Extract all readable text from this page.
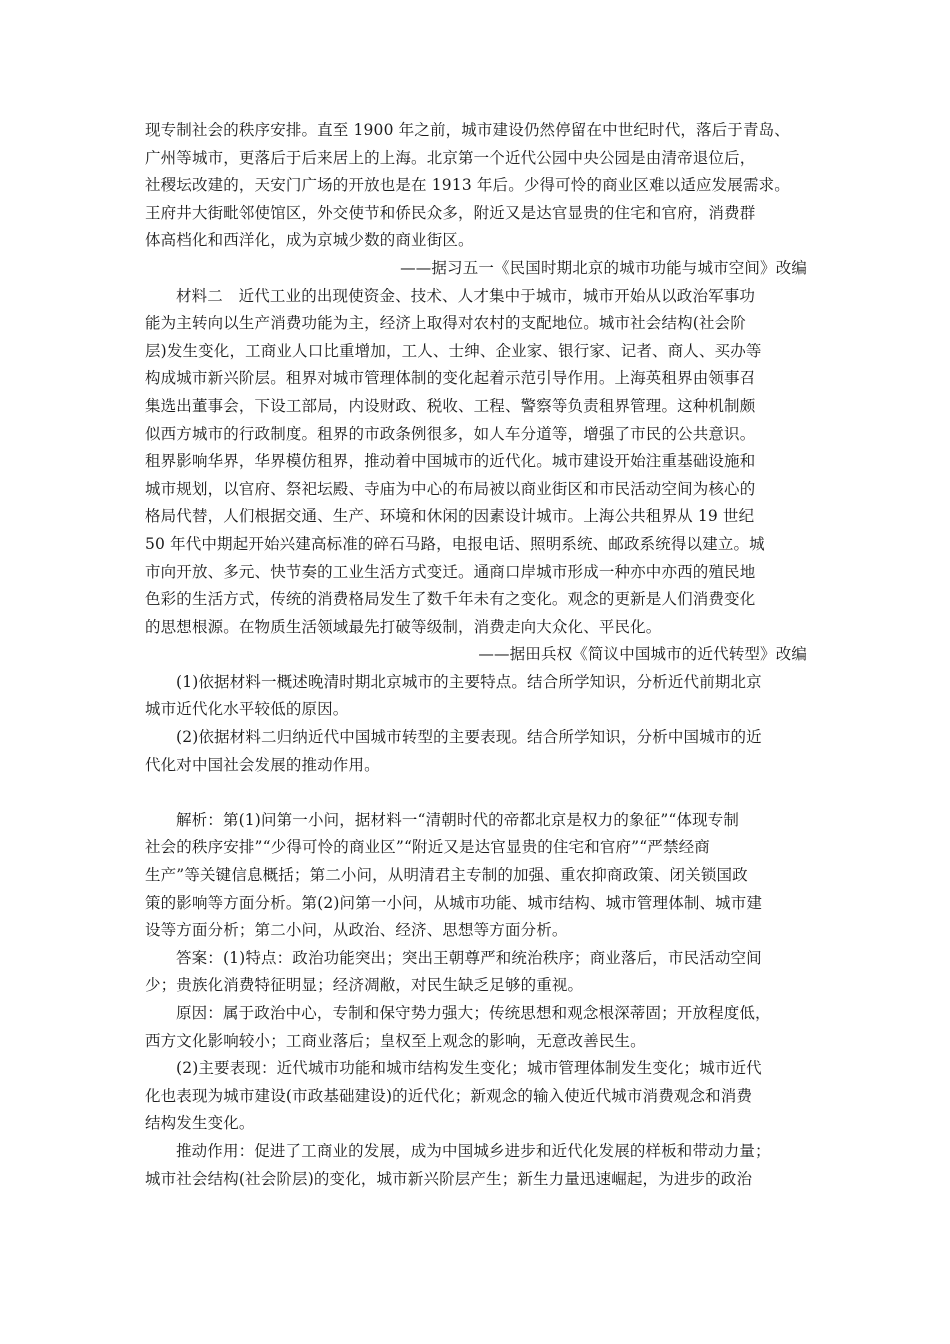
现专制社会的秩序安排。直至 1900 年之前，城市建设仍然停留在中世纪时代，落后于青岛、
广州等城市，更落后于后来居上的上海。北京第一个近代公园中央公园是由清帝退位后，
社稷坛改建的，天安门广场的开放也是在 1913 年后。少得可怜的商业区难以适应发展需求。
王府井大街毗邻使馆区，外交使节和侨民众多，附近又是达官显贵的住宅和官府，消费群
体高档化和西洋化，成为京城少数的商业街区。
——据习五一《民国时期北京的城市功能与城市空间》改编
材料二　近代工业的出现使资金、技术、人才集中于城市，城市开始从以政治军事功
能为主转向以生产消费功能为主，经济上取得对农村的支配地位。城市社会结构(社会阶
层)发生变化，工商业人口比重增加，工人、士绅、企业家、银行家、记者、商人、买办等
构成城市新兴阶层。租界对城市管理体制的变化起着示范引导作用。上海英租界由领事召
集选出董事会，下设工部局，内设财政、税收、工程、警察等负责租界管理。这种机制颇
似西方城市的行政制度。租界的市政条例很多，如人车分道等，增强了市民的公共意识。
租界影响华界，华界模仿租界，推动着中国城市的近代化。城市建设开始注重基础设施和
城市规划，以官府、祭祀坛殿、寺庙为中心的布局被以商业街区和市民活动空间为核心的
格局代替，人们根据交通、生产、环境和休闲的因素设计城市。上海公共租界从 19 世纪
50 年代中期起开始兴建高标准的碎石马路，电报电话、照明系统、邮政系统得以建立。城
市向开放、多元、快节奏的工业生活方式变迁。通商口岸城市形成一种亦中亦西的殖民地
色彩的生活方式，传统的消费格局发生了数千年未有之变化。观念的更新是人们消费变化
的思想根源。在物质生活领域最先打破等级制，消费走向大众化、平民化。
——据田兵权《简议中国城市的近代转型》改编
(1)依据材料一概述晚清时期北京城市的主要特点。结合所学知识，分析近代前期北京
城市近代化水平较低的原因。
(2)依据材料二归纳近代中国城市转型的主要表现。结合所学知识，分析中国城市的近
代化对中国社会发展的推动作用。
解析：第(1)问第一小问，据材料一“清朝时代的帝都北京是权力的象征”“体现专制
社会的秩序安排”“少得可怜的商业区”“附近又是达官显贵的住宅和官府”“严禁经商
生产”等关键信息概括；第二小问，从明清君主专制的加强、重农抑商政策、闭关锁国政
策的影响等方面分析。第(2)问第一小问，从城市功能、城市结构、城市管理体制、城市建
设等方面分析；第二小问，从政治、经济、思想等方面分析。
答案：(1)特点：政治功能突出；突出王朝尊严和统治秩序；商业落后，市民活动空间
少；贵族化消费特征明显；经济凋敝，对民生缺乏足够的重视。
原因：属于政治中心，专制和保守势力强大；传统思想和观念根深蒂固；开放程度低，
西方文化影响较小；工商业落后；皇权至上观念的影响，无意改善民生。
(2)主要表现：近代城市功能和城市结构发生变化；城市管理体制发生变化；城市近代
化也表现为城市建设(市政基础建设)的近代化；新观念的输入使近代城市消费观念和消费
结构发生变化。
推动作用：促进了工商业的发展，成为中国城乡进步和近代化发展的样板和带动力量；
城市社会结构(社会阶层)的变化，城市新兴阶层产生；新生力量迅速崛起，为进步的政治
